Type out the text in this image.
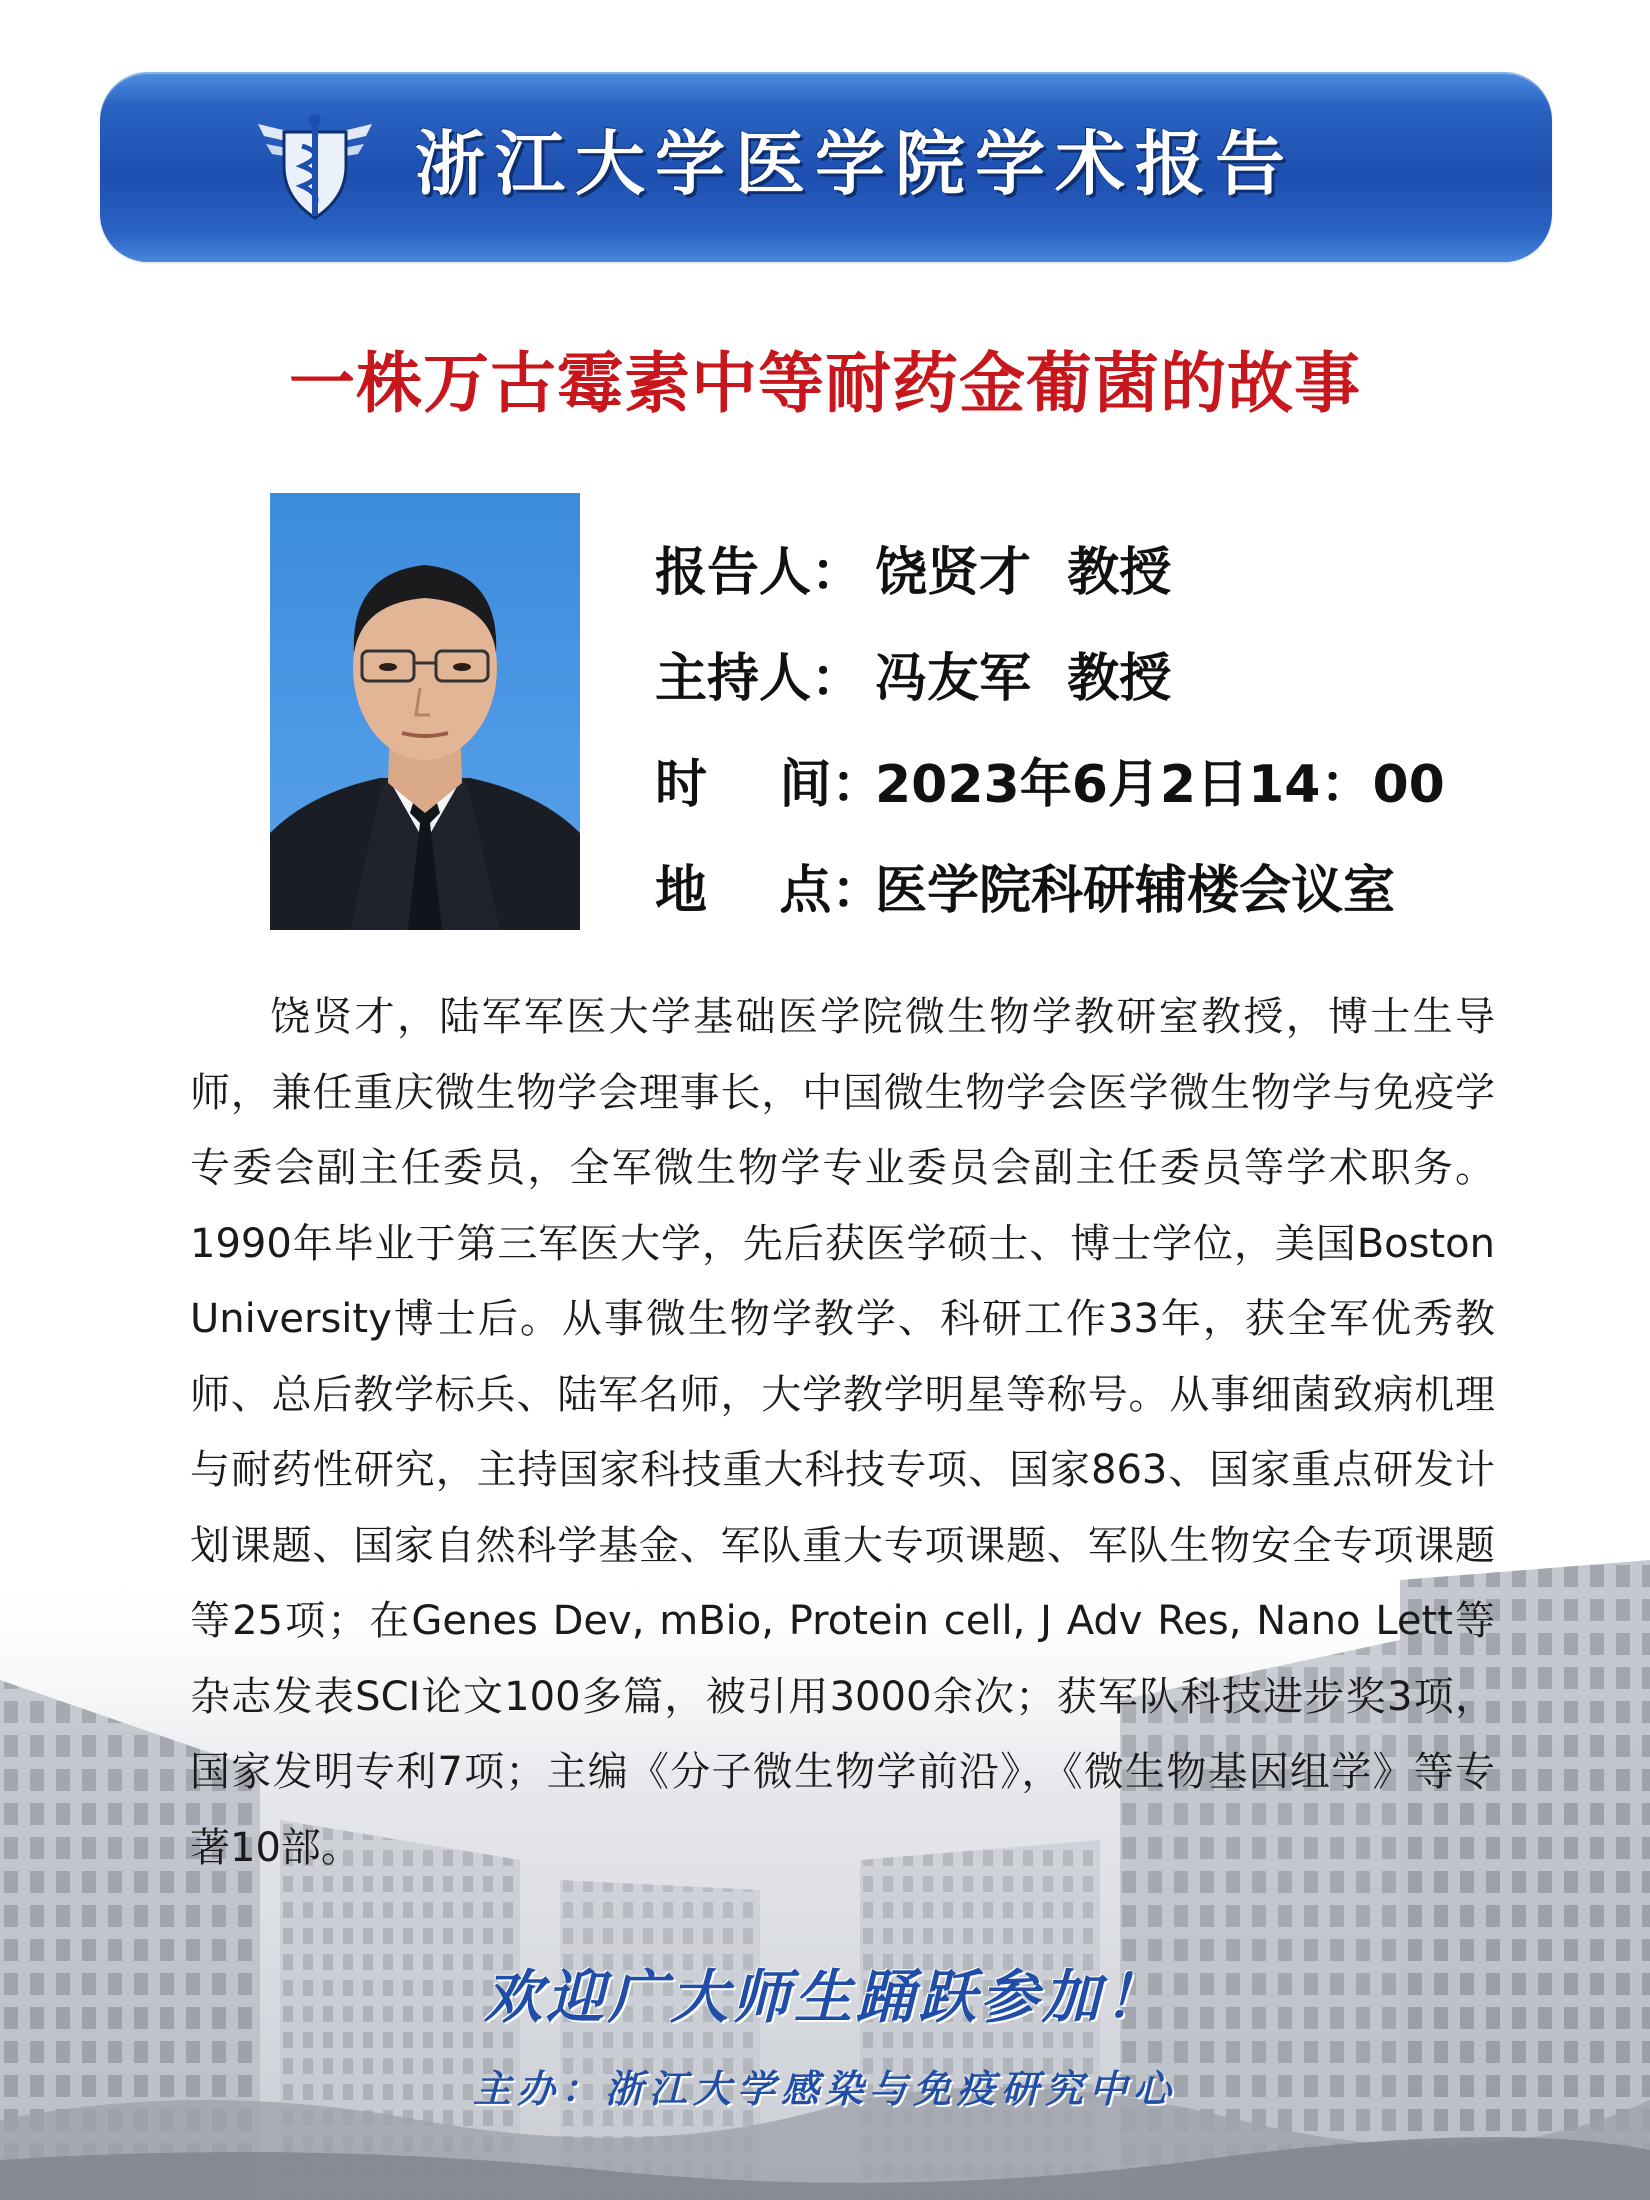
浙江大学医学院学术报告
一株万古霉素中等耐药金葡菌的故事
报告人： 饶贤才  教授
主持人： 冯友军  教授
时    间：2023年6月2日14：00
地    点：医学院科研辅楼会议室
饶贤才，陆军军医大学基础医学院微生物学教研室教授，博士生导师，兼任重庆微生物学会理事长，中国微生物学会医学微生物学与免疫学专委会副主任委员，全军微生物学专业委员会副主任委员等学术职务。1990年毕业于第三军医大学，先后获医学硕士、博士学位，美国Boston University博士后。从事微生物学教学、科研工作33年，获全军优秀教师、总后教学标兵、陆军名师，大学教学明星等称号。从事细菌致病机理与耐药性研究，主持国家科技重大科技专项、国家863、国家重点研发计划课题、国家自然科学基金、军队重大专项课题、军队生物安全专项课题等25项；在Genes Dev, mBio, Protein cell, J Adv Res, Nano Lett等杂志发表SCI论文100多篇，被引用3000余次；获军队科技进步奖3项，国家发明专利7项；主编《分子微生物学前沿》，《微生物基因组学》等专著10部。
欢迎广大师生踊跃参加！
主办：浙江大学感染与免疫研究中心
